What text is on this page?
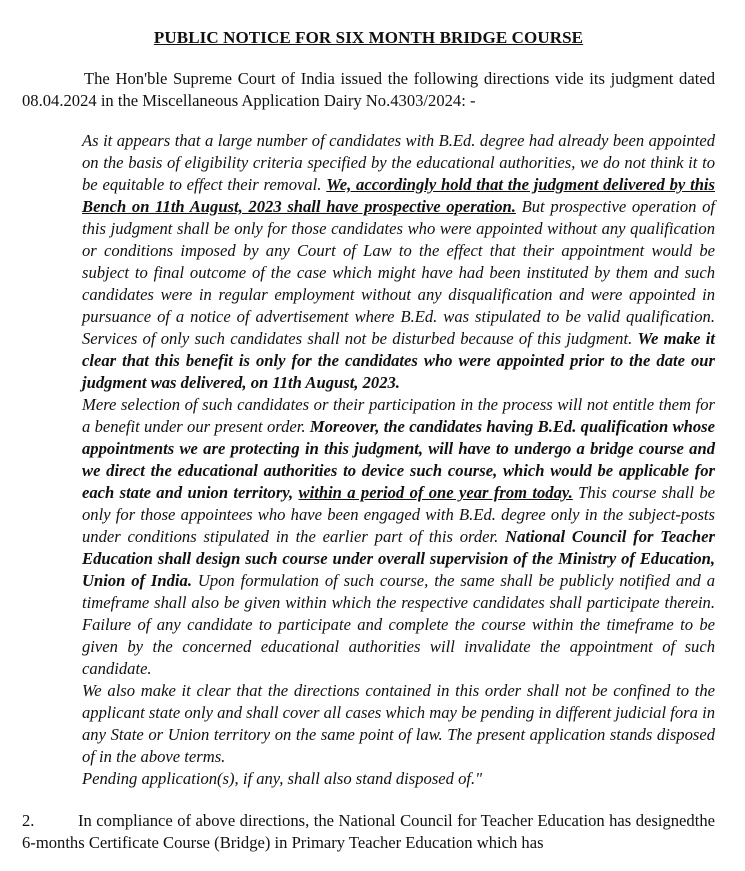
PUBLIC NOTICE FOR SIX MONTH BRIDGE COURSE

The Hon'ble Supreme Court of India issued the following directions vide its judgment dated 08.04.2024 in the Miscellaneous Application Dairy No.4303/2024: -

As it appears that a large number of candidates with B.Ed. degree had already been appointed on the basis of eligibility criteria specified by the educational authorities, we do not think it to be equitable to effect their removal. We, accordingly hold that the judgment delivered by this Bench on 11th August, 2023 shall have prospective operation. But prospective operation of this judgment shall be only for those candidates who were appointed without any qualification or conditions imposed by any Court of Law to the effect that their appointment would be subject to final outcome of the case which might have had been instituted by them and such candidates were in regular employment without any disqualification and were appointed in pursuance of a notice of advertisement where B.Ed. was stipulated to be valid qualification. Services of only such candidates shall not be disturbed because of this judgment. We make it clear that this benefit is only for the candidates who were appointed prior to the date our judgment was delivered, on 11th August, 2023.

Mere selection of such candidates or their participation in the process will not entitle them for a benefit under our present order. Moreover, the candidates having B.Ed. qualification whose appointments we are protecting in this judgment, will have to undergo a bridge course and we direct the educational authorities to device such course, which would be applicable for each state and union territory, within a period of one year from today. This course shall be only for those appointees who have been engaged with B.Ed. degree only in the subject-posts under conditions stipulated in the earlier part of this order. National Council for Teacher Education shall design such course under overall supervision of the Ministry of Education, Union of India. Upon formulation of such course, the same shall be publicly notified and a timeframe shall also be given within which the respective candidates shall participate therein. Failure of any candidate to participate and complete the course within the timeframe to be given by the concerned educational authorities will invalidate the appointment of such candidate.

We also make it clear that the directions contained in this order shall not be confined to the applicant state only and shall cover all cases which may be pending in different judicial fora in any State or Union territory on the same point of law. The present application stands disposed of in the above terms.

Pending application(s), if any, shall also stand disposed of."

2.	In compliance of above directions, the National Council for Teacher Education has designedthe 6-months Certificate Course (Bridge) in Primary Teacher Education which has
